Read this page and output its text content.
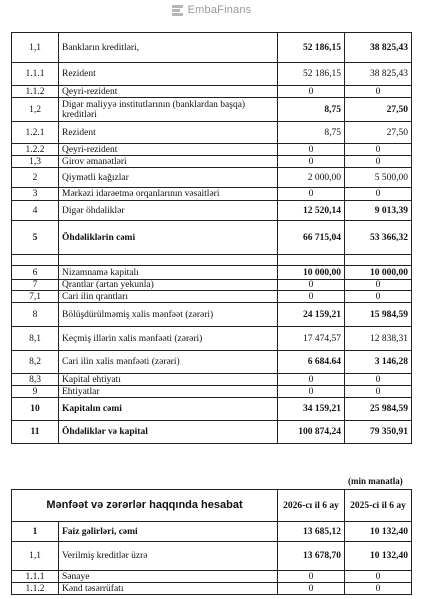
EmbaFinans
1,1	Bankların kreditləri,	52 186,15	38 825,43
1.1.1	Rezident	52 186,15	38 825,43
1.1.2	Qeyri-rezident	0	0
1,2	Digər maliyyə institutlarının (banklardan başqa) kreditləri	8,75	27,50
1.2.1	Rezident	8,75	27,50
1.2.2	Qeyri-rezident	0	0
1,3	Girov əmanətləri	0	0
2	Qiymətli kağızlar	2 000,00	5 500,00
3	Mərkəzi idarəetmə orqanlarının vəsaitləri	0	0
4	Digər öhdəliklər	12 520,14	9 013,39
5	Öhdəliklərin cəmi	66 715,04	53 366,32

6	Nizamnamə kapitalı	10 000,00	10 000,00
7	Qrantlar (artan yekunla)	0	0
7,1	Cari ilin qrantları	0	0
8	Bölüşdürülməmiş xalis mənfəət (zərəri)	24 159,21	15 984,59
8,1	Keçmiş illərin xalis mənfəəti (zərəri)	17 474,57	12 838,31
8,2	Cari ilin xalis mənfəəti (zərəri)	6 684.64	3 146,28
8,3	Kapital ehtiyatı	0	0
9	Ehtiyatlar	0	0
10	Kapitalın cəmi	34 159,21	25 984,59
11	Öhdəliklər və kapital	100 874,24	79 350,91
(min manatla)
Mənfəət və zərərlər haqqında hesabat		2026-cı il 6 ay	2025-ci il 6 ay
1	Faiz gəlirləri, cəmi	13 685,12	10 132,40
1,1	Verilmiş kreditlər üzrə	13 678,70	10 132,40
1.1.1	Sənaye	0	0
1.1.2	Kənd təsərrüfatı	0	0
